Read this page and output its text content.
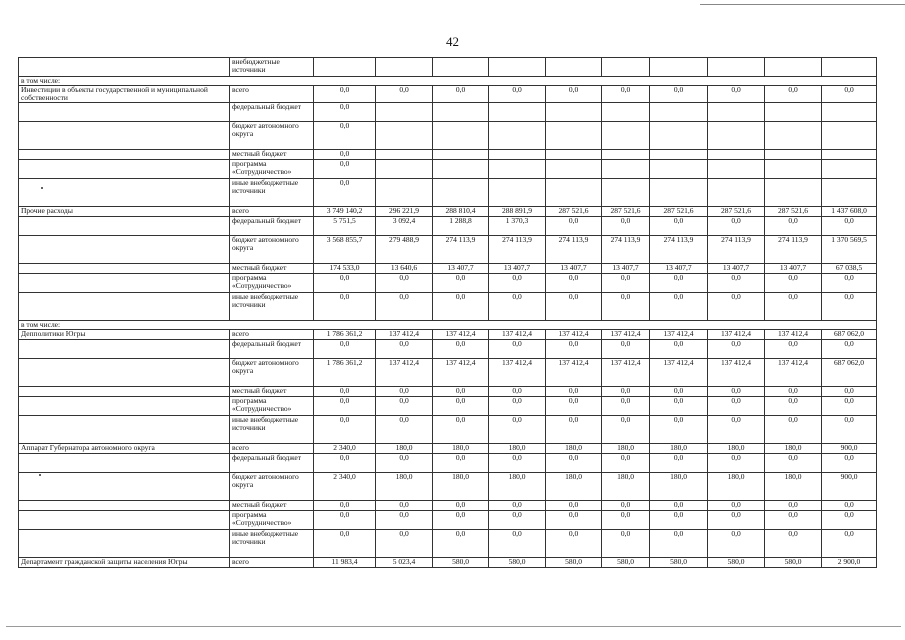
42
	внебюджетные источники										
в том числе:											
Инвестиции в объекты государственной и муниципальной собственности	всего	0,0	0,0	0,0	0,0	0,0	0,0	0,0	0,0	0,0	0,0
	федеральный бюджет	0,0									
	бюджет автономного округа	0,0									
	местный бюджет	0,0									
	программа «Сотрудничество»	0,0									
	иные внебюджетные источники	0,0									
Прочие расходы	всего	3 749 140,2	296 221,9	288 810,4	288 891,9	287 521,6	287 521,6	287 521,6	287 521,6	287 521,6	1 437 608,0
	федеральный бюджет	5 751,5	3 092,4	1 288,8	1 370,3	0,0	0,0	0,0	0,0	0,0	0,0
	бюджет автономного округа	3 568 855,7	279 488,9	274 113,9	274 113,9	274 113,9	274 113,9	274 113,9	274 113,9	274 113,9	1 370 569,5
	местный бюджет	174 533,0	13 640,6	13 407,7	13 407,7	13 407,7	13 407,7	13 407,7	13 407,7	13 407,7	67 038,5
	программа «Сотрудничество»	0,0	0,0	0,0	0,0	0,0	0,0	0,0	0,0	0,0	0,0
	иные внебюджетные источники	0,0	0,0	0,0	0,0	0,0	0,0	0,0	0,0	0,0	0,0
в том числе:											
Депполитики Югры	всего	1 786 361,2	137 412,4	137 412,4	137 412,4	137 412,4	137 412,4	137 412,4	137 412,4	137 412,4	687 062,0
	федеральный бюджет	0,0	0,0	0,0	0,0	0,0	0,0	0,0	0,0	0,0	0,0
	бюджет автономного округа	1 786 361,2	137 412,4	137 412,4	137 412,4	137 412,4	137 412,4	137 412,4	137 412,4	137 412,4	687 062,0
	местный бюджет	0,0	0,0	0,0	0,0	0,0	0,0	0,0	0,0	0,0	0,0
	программа «Сотрудничество»	0,0	0,0	0,0	0,0	0,0	0,0	0,0	0,0	0,0	0,0
	иные внебюджетные источники	0,0	0,0	0,0	0,0	0,0	0,0	0,0	0,0	0,0	0,0
Аппарат Губернатора автономного округа	всего	2 340,0	180,0	180,0	180,0	180,0	180,0	180,0	180,0	180,0	900,0
	федеральный бюджет	0,0	0,0	0,0	0,0	0,0	0,0	0,0	0,0	0,0	0,0
	бюджет автономного округа	2 340,0	180,0	180,0	180,0	180,0	180,0	180,0	180,0	180,0	900,0
	местный бюджет	0,0	0,0	0,0	0,0	0,0	0,0	0,0	0,0	0,0	0,0
	программа «Сотрудничество»	0,0	0,0	0,0	0,0	0,0	0,0	0,0	0,0	0,0	0,0
	иные внебюджетные источники	0,0	0,0	0,0	0,0	0,0	0,0	0,0	0,0	0,0	0,0
Департамент гражданской защиты населения Югры	всего	11 983,4	5 023,4	580,0	580,0	580,0	580,0	580,0	580,0	580,0	2 900,0
